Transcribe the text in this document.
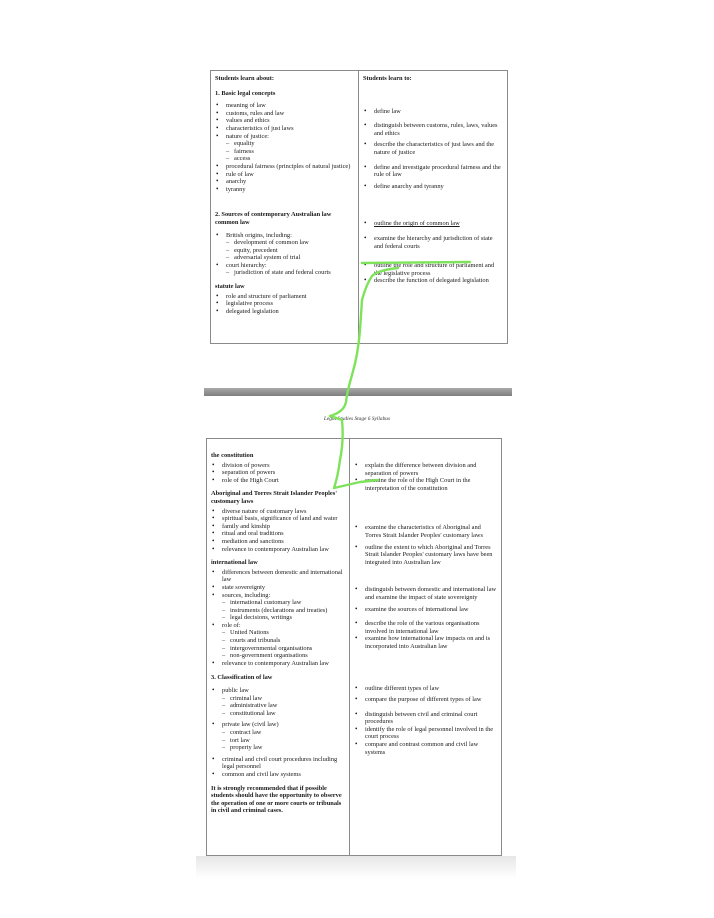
Students learn about:
1. Basic legal concepts
• meaning of law
• customs, rules and law
• values and ethics
• characteristics of just laws
• nature of justice:
– equality
– fairness
– access
• procedural fairness (principles of natural justice)
• rule of law
• anarchy
• tyranny
2. Sources of contemporary Australian law common law
• British origins, including:
– development of common law
– equity, precedent
– adversarial system of trial
• court hierarchy:
– jurisdiction of state and federal courts
statute law
• role and structure of parliament
• legislative process
• delegated legislation
Students learn to:
• define law
• distinguish between customs, rules, laws, values and ethics
• describe the characteristics of just laws and the nature of justice
• define and investigate procedural fairness and the rule of law
• define anarchy and tyranny
• outline the origin of common law
• examine the hierarchy and jurisdiction of state and federal courts
• outline the role and structure of parliament and the legislative process
• describe the function of delegated legislation
1
Legal Studies Stage 6 Syllabus
the constitution
• division of powers
• separation of powers
• role of the High Court
Aboriginal and Torres Strait Islander Peoples' customary laws
• diverse nature of customary laws
• spiritual basis, significance of land and water
• family and kinship
• ritual and oral traditions
• mediation and sanctions
• relevance to contemporary Australian law
international law
• differences between domestic and international law
• state sovereignty
• sources, including:
– international customary law
– instruments (declarations and treaties)
– legal decisions, writings
• role of:
– United Nations
– courts and tribunals
– intergovernmental organisations
– non-government organisations
• relevance to contemporary Australian law
3. Classification of law
• public law
– criminal law
– administrative law
– constitutional law
• private law (civil law)
– contract law
– tort law
– property law
• criminal and civil court procedures including legal personnel
• common and civil law systems
It is strongly recommended that if possible students should have the opportunity to observe the operation of one or more courts or tribunals in civil and criminal cases.
• explain the difference between division and separation of powers
• examine the role of the High Court in the interpretation of the constitution
• examine the characteristics of Aboriginal and Torres Strait Islander Peoples' customary laws
• outline the extent to which Aboriginal and Torres Strait Islander Peoples' customary laws have been integrated into Australian law
• distinguish between domestic and international law and examine the impact of state sovereignty
• examine the sources of international law
• describe the role of the various organisations involved in international law
• examine how international law impacts on and is incorporated into Australian law
• outline different types of law
• compare the purpose of different types of law
• distinguish between civil and criminal court procedures
• identify the role of legal personnel involved in the court process
• compare and contrast common and civil law systems
